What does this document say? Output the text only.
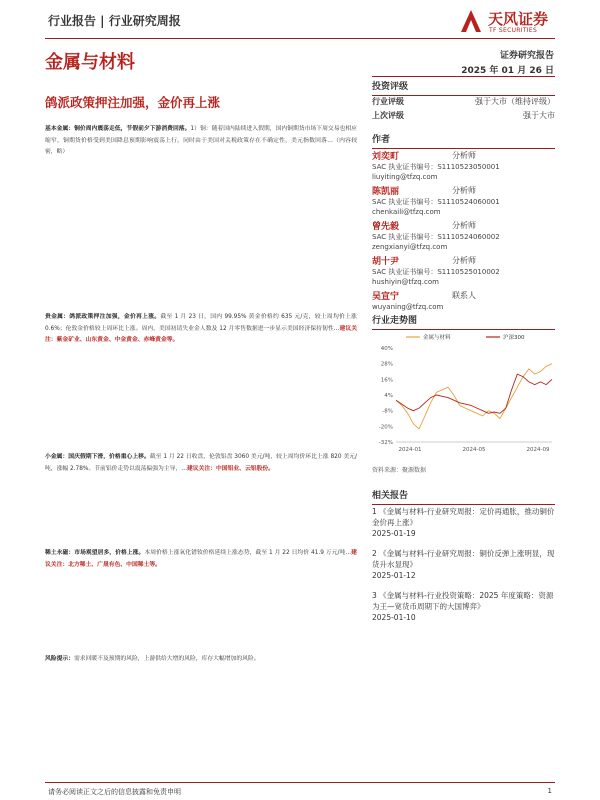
行业报告 | 行业研究周报	天风证券
TF SECURITIES
金属与材料	证券研究报告
2025 年 01 月 26 日
鸽派政策押注加强，金价再上涨
基本金属：铜价周内震荡走低，节假前夕下游消费回落。1）铜：随着国内陆续进入假期，国内铜期货市场下周交易也相应缩窄，铜期货价格受到美国降息预期影响震荡上行，同时由于美国对关税政策存在不确定性，美元指数回落…（内容较密，略）
贵金属：鸽派政策押注加强，金价再上涨。截至 1 月 23 日，国内 99.95% 黄金价格约 635 元/克，较上周均价上涨 0.6%；伦敦金价格较上周环比上涨。周内，美国初请失业金人数及 12 月零售数据进一步显示美国经济保持韧性…建议关注：紫金矿业、山东黄金、中金黄金、赤峰黄金等。
小金属：国庆假期下滑，价格重心上移。截至 1 月 22 日收盘，伦敦铝盘 3060 美元/吨，较上周均价环比上涨 820 美元/吨，涨幅 2.78%。节前铝价走势以震荡偏强为主导，…建议关注：中国铝业、云铝股份。
稀土永磁：市场观望居多，价格上涨。本周价格上涨氧化镨钕价格延续上涨态势，截至 1 月 22 日均价 41.9 万元/吨…建议关注：北方稀土、广晟有色、中国稀土等。
风险提示：需求回暖不及预期的风险，上游供给大增的风险，库存大幅增加的风险。
投资评级
行业评级	强于大市（维持评级）
上次评级	强于大市
作者
刘奕町	分析师
SAC 执业证书编号：S1110523050001
liuyiting@tfzq.com
陈凯丽	分析师
SAC 执业证书编号：S1110524060001
chenkaili@tfzq.com
曾先毅	分析师
SAC 执业证书编号：S1110524060002
zengxianyi@tfzq.com
胡十尹	分析师
SAC 执业证书编号：S1110525010002
hushiyin@tfzq.com
吴宣宁	联系人
wuyaning@tfzq.com
行业走势图
40%
28%
16%
4%
-8%
-20%
-32%
2024-01	2024-05	2024-09
金属与材料	沪深300
资料来源：聚源数据
相关报告
1 《金属与材料-行业研究周报：定价再通胀，推动铜价金价再上涨》
2025-01-19
2 《金属与材料-行业研究周报：铜价反弹上涨明显，现货升水显现》
2025-01-12
3 《金属与材料-行业投资策略：2025 年度策略：资源为王—宽货币周期下的大国博弈》
2025-01-10
请务必阅读正文之后的信息披露和免责申明	1
